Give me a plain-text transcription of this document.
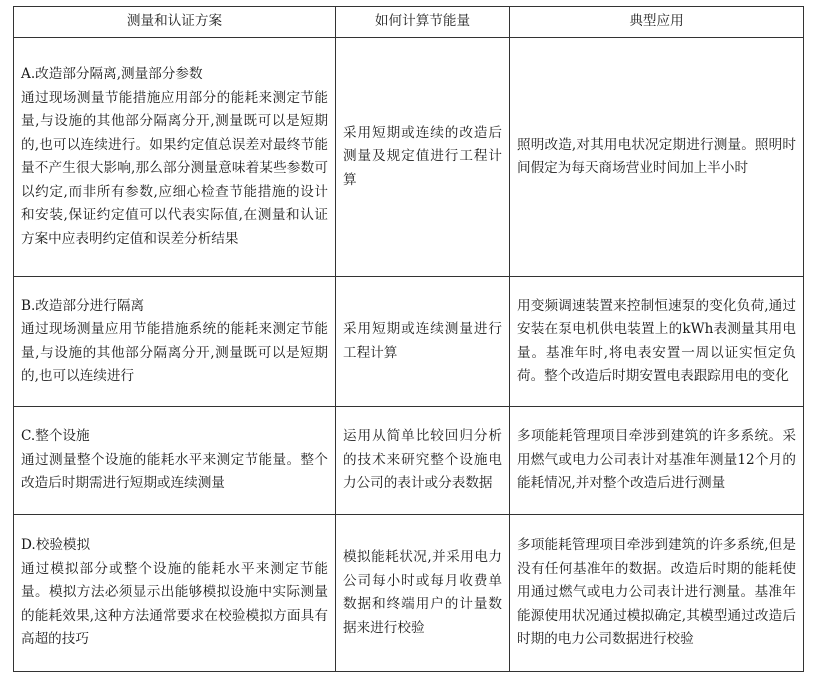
测量和认证方案	如何计算节能量	典型应用

A.改造部分隔离,测量部分参数
通过现场测量节能措施应用部分的能耗来测定节能量,与设施的其他部分隔离分开,测量既可以是短期的,也可以连续进行。如果约定值总误差对最终节能量不产生很大影响,那么部分测量意味着某些参数可以约定,而非所有参数,应细心检查节能措施的设计和安装,保证约定值可以代表实际值,在测量和认证方案中应表明约定值和误差分析结果	采用短期或连续的改造后测量及规定值进行工程计算	照明改造,对其用电状况定期进行测量。照明时间假定为每天商场营业时间加上半小时

B.改造部分进行隔离
通过现场测量应用节能措施系统的能耗来测定节能量,与设施的其他部分隔离分开,测量既可以是短期的,也可以连续进行	采用短期或连续测量进行工程计算	用变频调速装置来控制恒速泵的变化负荷,通过安装在泵电机供电装置上的kWh表测量其用电量。基准年时,将电表安置一周以证实恒定负荷。整个改造后时期安置电表跟踪用电的变化

C.整个设施
通过测量整个设施的能耗水平来测定节能量。整个改造后时期需进行短期或连续测量	运用从简单比较回归分析的技术来研究整个设施电力公司的表计或分表数据	多项能耗管理项目牵涉到建筑的许多系统。采用燃气或电力公司表计对基准年测量12个月的能耗情况,并对整个改造后进行测量

D.校验模拟
通过模拟部分或整个设施的能耗水平来测定节能量。模拟方法必须显示出能够模拟设施中实际测量的能耗效果,这种方法通常要求在校验模拟方面具有高超的技巧	模拟能耗状况,并采用电力公司每小时或每月收费单数据和终端用户的计量数据来进行校验	多项能耗管理项目牵涉到建筑的许多系统,但是没有任何基准年的数据。改造后时期的能耗使用通过燃气或电力公司表计进行测量。基准年能源使用状况通过模拟确定,其模型通过改造后时期的电力公司数据进行校验
